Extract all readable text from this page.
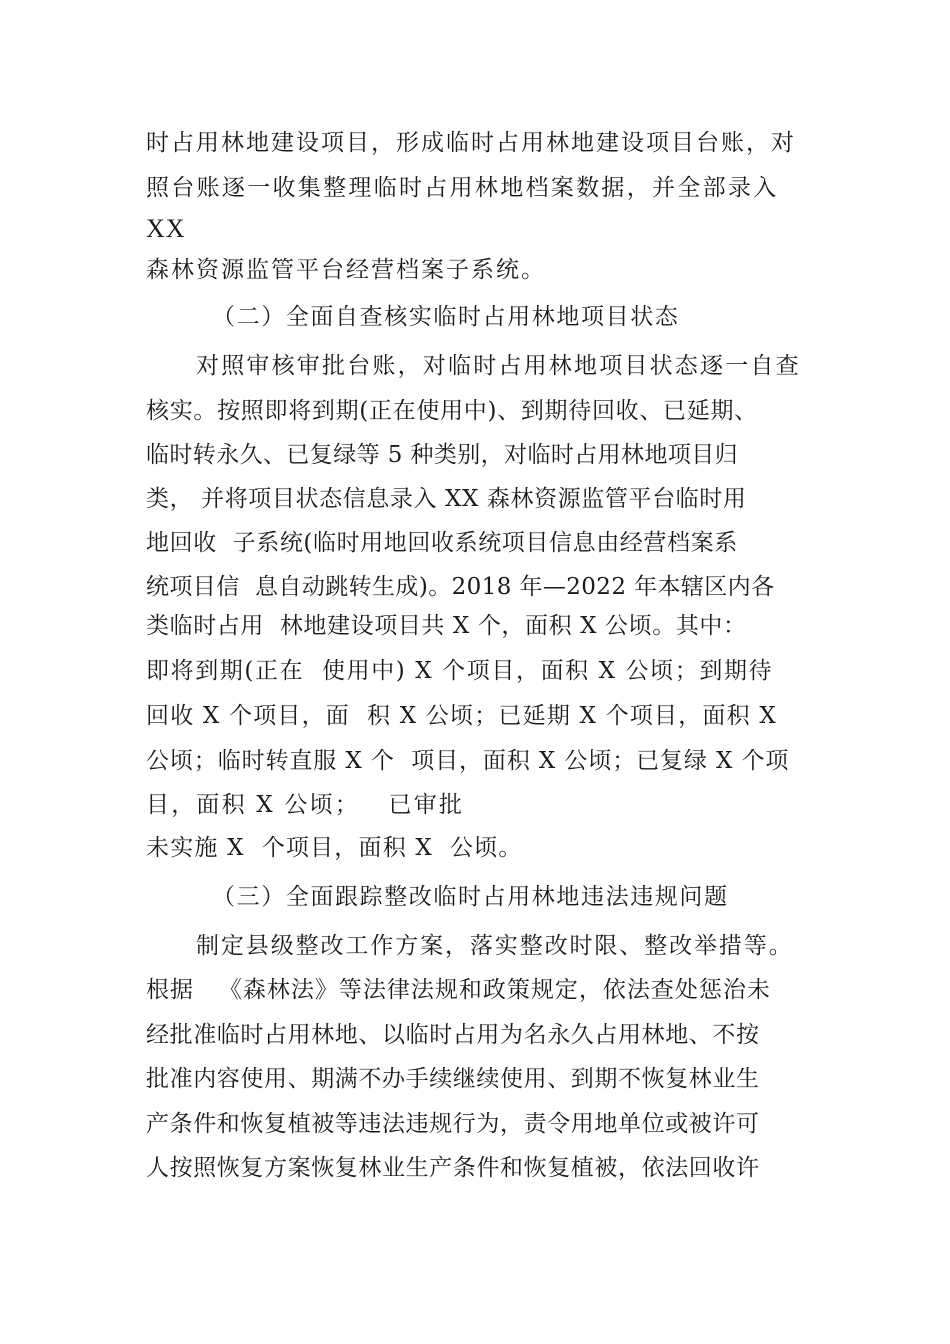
时占用林地建设项目，形成临时占用林地建设项目台账，对
照台账逐一收集整理临时占用林地档案数据，并全部录入
XX
森林资源监管平台经营档案子系统。
（二）全面自查核实临时占用林地项目状态
对照审核审批台账，对临时占用林地项目状态逐一自查
核实。按照即将到期(正在使用中)、到期待回收、已延期、
临时转永久、已复绿等 5 种类别，对临时占用林地项目归
类， 并将项目状态信息录入 XX 森林资源监管平台临时用
地回收  子系统(临时用地回收系统项目信息由经营档案系
统项目信  息自动跳转生成)。2018 年—2022 年本辖区内各
类临时占用  林地建设项目共 X 个，面积 X 公顷。其中：
即将到期(正在  使用中) X 个项目，面积 X 公顷；到期待
回收 X 个项目，面  积 X 公顷；已延期 X 个项目，面积 X
公顷；临时转直服 X 个  项目，面积 X 公顷；已复绿 X 个项
目，面积 X 公顷；   已审批
未实施 X  个项目，面积 X  公顷。
（三）全面跟踪整改临时占用林地违法违规问题
制定县级整改工作方案，落实整改时限、整改举措等。
根据   《森林法》等法律法规和政策规定，依法查处惩治未
经批准临时占用林地、以临时占用为名永久占用林地、不按
批准内容使用、期满不办手续继续使用、到期不恢复林业生
产条件和恢复植被等违法违规行为，责令用地单位或被许可
人按照恢复方案恢复林业生产条件和恢复植被，依法回收许
